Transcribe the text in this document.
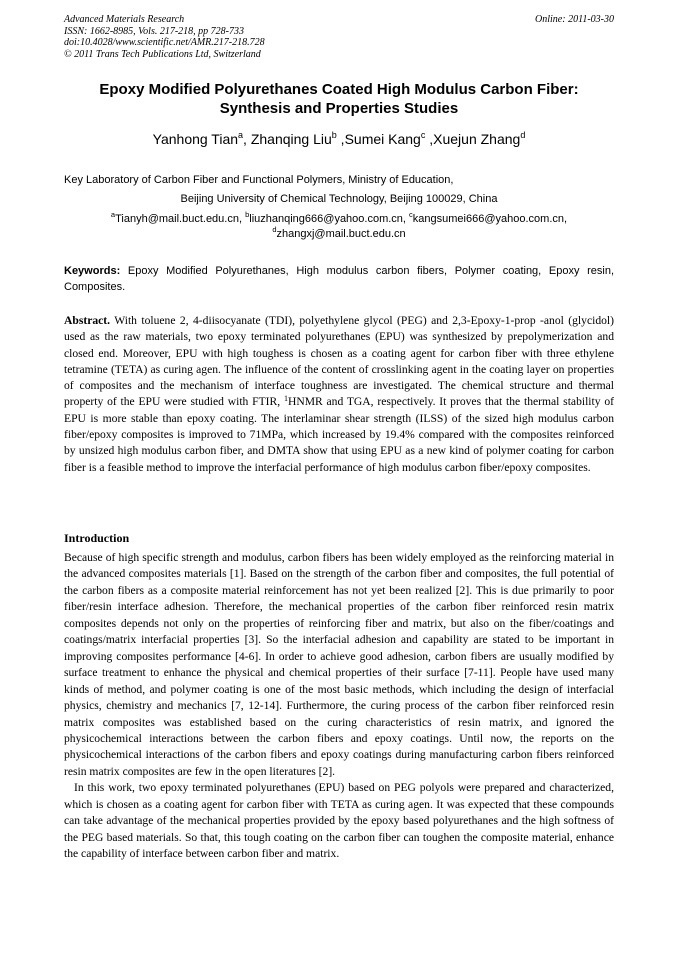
Advanced Materials Research
ISSN: 1662-8985, Vols. 217-218, pp 728-733
doi:10.4028/www.scientific.net/AMR.217-218.728
© 2011 Trans Tech Publications Ltd, Switzerland
Online: 2011-03-30
Epoxy Modified Polyurethanes Coated High Modulus Carbon Fiber:
Synthesis and Properties Studies
Yanhong Tian$^a$, Zhanqing Liu$^b$ ,Sumei Kang$^c$ ,Xuejun Zhang$^d$
Key Laboratory of Carbon Fiber and Functional Polymers, Ministry of Education,
Beijing University of Chemical Technology, Beijing 100029, China
$^a$Tianyh@mail.buct.edu.cn, $^b$liuzhanqing666@yahoo.com.cn, $^c$kangsumei666@yahoo.com.cn,
$^d$zhangxj@mail.buct.edu.cn
Keywords: Epoxy Modified Polyurethanes, High modulus carbon fibers, Polymer coating, Epoxy resin, Composites.
Abstract. With toluene 2, 4-diisocyanate (TDI), polyethylene glycol (PEG) and 2,3-Epoxy-1-prop -anol (glycidol) used as the raw materials, two epoxy terminated polyurethanes (EPU) was synthesized by prepolymerization and closed end. Moreover, EPU with high toughess is chosen as a coating agent for carbon fiber with three ethylene tetramine (TETA) as curing agen. The influence of the content of crosslinking agent in the coating layer on properties of composites and the mechanism of interface toughness are investigated. The chemical structure and thermal property of the EPU were studied with FTIR, $^1$HNMR and TGA, respectively. It proves that the thermal stability of EPU is more stable than epoxy coating. The interlaminar shear strength (ILSS) of the sized high modulus carbon fiber/epoxy composites is improved to 71MPa, which increased by 19.4% compared with the composites reinforced by unsized high modulus carbon fiber, and DMTA show that using EPU as a new kind of polymer coating for carbon fiber is a feasible method to improve the interfacial performance of high modulus carbon fiber/epoxy composites.
Introduction

Because of high specific strength and modulus, carbon fibers has been widely employed as the reinforcing material in the advanced composites materials [1]. Based on the strength of the carbon fiber and composites, the full potential of the carbon fibers as a composite material reinforcement has not yet been realized [2]. This is due primarily to poor fiber/resin interface adhesion. Therefore, the mechanical properties of the carbon fiber reinforced resin matrix composites depends not only on the properties of reinforcing fiber and matrix, but also on the fiber/coatings and coatings/matrix interfacial properties [3]. So the interfacial adhesion and capability are stated to be important in improving composites performance [4-6]. In order to achieve good adhesion, carbon fibers are usually modified by surface treatment to enhance the physical and chemical properties of their surface [7-11]. People have used many kinds of method, and polymer coating is one of the most basic methods, which including the design of interfacial physics, chemistry and mechanics [7, 12-14]. Furthermore, the curing process of the carbon fiber reinforced resin matrix composites was established based on the curing characteristics of resin matrix, and ignored the physicochemical interactions between the carbon fibers and epoxy coatings. Until now, the reports on the physicochemical interactions of the carbon fibers and epoxy coatings during manufacturing carbon fibers reinforced resin matrix composites are few in the open literatures [2].

In this work, two epoxy terminated polyurethanes (EPU) based on PEG polyols were prepared and characterized, which is chosen as a coating agent for carbon fiber with TETA as curing agen. It was expected that these compounds can take advantage of the mechanical properties provided by the epoxy based polyurethanes and the high softness of the PEG based materials. So that, this tough coating on the carbon fiber can toughen the composite material, enhance the capability of interface between carbon fiber and matrix.
